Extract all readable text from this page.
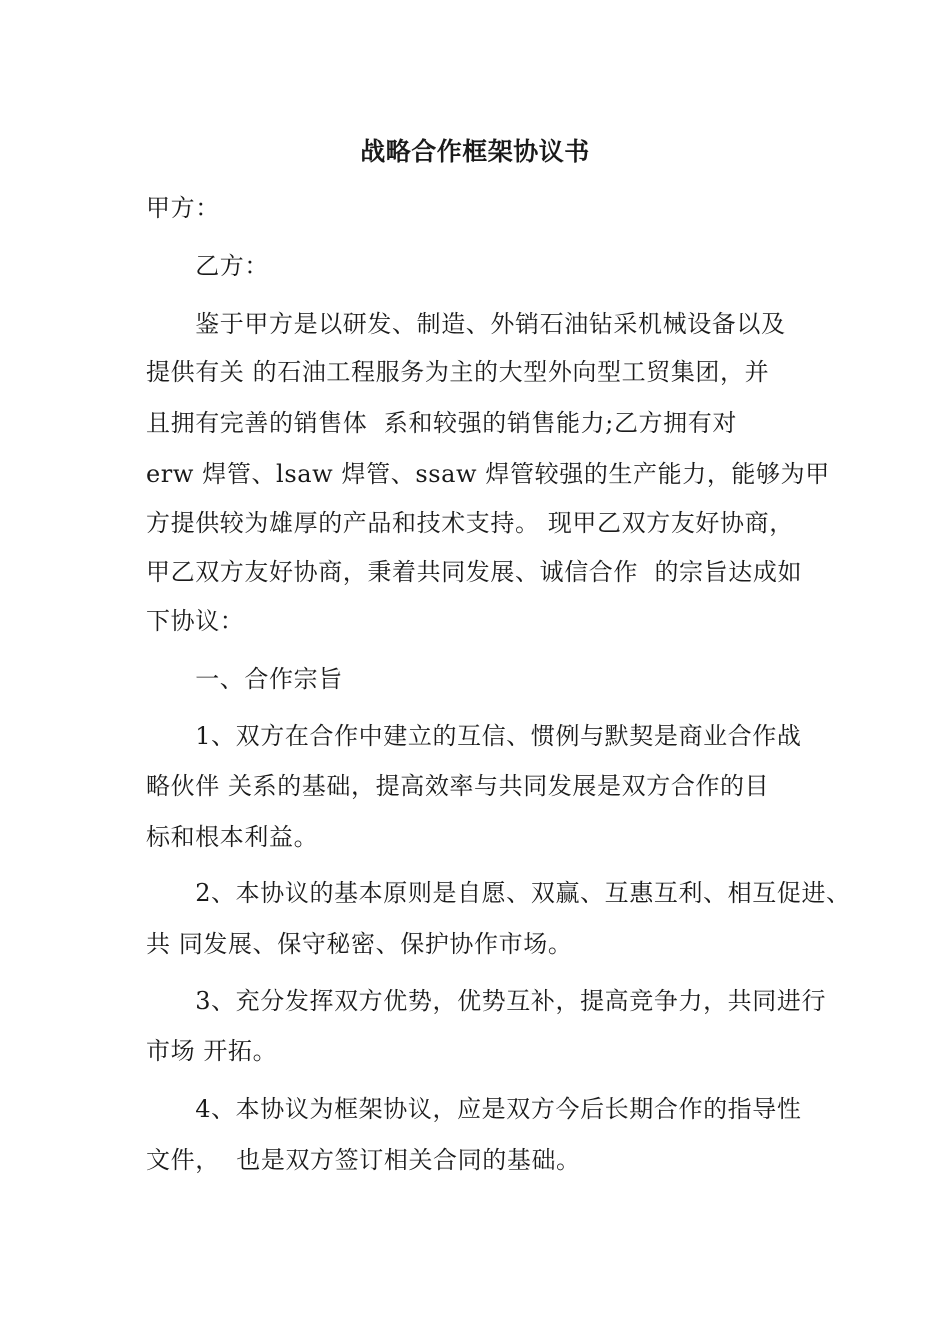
战略合作框架协议书
甲方：
　　乙方：
　　鉴于甲方是以研发、制造、外销石油钻采机械设备以及
提供有关 的石油工程服务为主的大型外向型工贸集团，并
且拥有完善的销售体  系和较强的销售能力;乙方拥有对
erw 焊管、lsaw 焊管、ssaw 焊管较强的生产能力，能够为甲
方提供较为雄厚的产品和技术支持。 现甲乙双方友好协商，
甲乙双方友好协商，秉着共同发展、诚信合作  的宗旨达成如
下协议：
　　一、合作宗旨
　　1、双方在合作中建立的互信、惯例与默契是商业合作战
略伙伴 关系的基础，提高效率与共同发展是双方合作的目
标和根本利益。
　　2、本协议的基本原则是自愿、双赢、互惠互利、相互促进、
共 同发展、保守秘密、保护协作市场。
　　3、充分发挥双方优势，优势互补，提高竞争力，共同进行
市场 开拓。
　　4、本协议为框架协议，应是双方今后长期合作的指导性
文件，  也是双方签订相关合同的基础。
